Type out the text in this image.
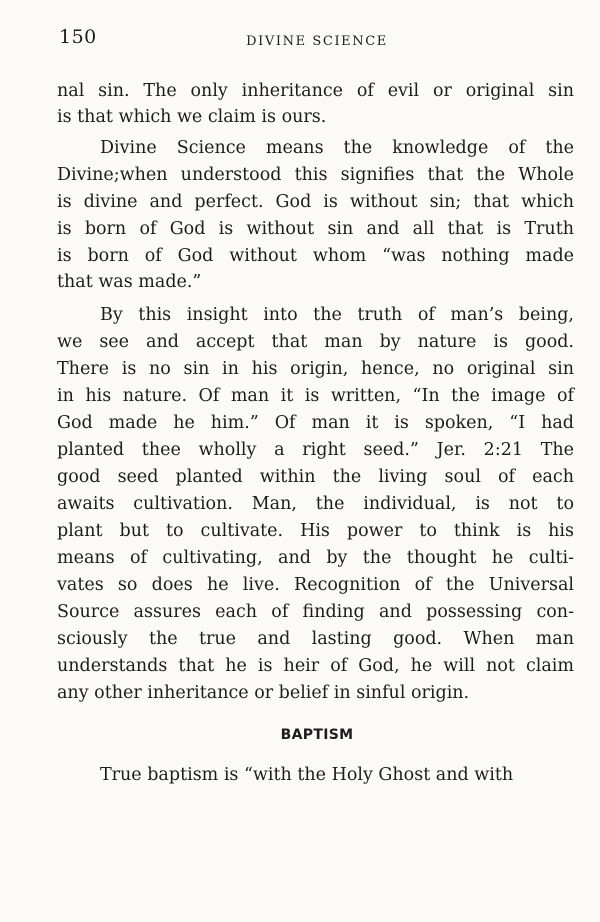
150	DIVINE SCIENCE
nal sin. The only inheritance of evil or original sin
is that which we claim is ours.
Divine Science means the knowledge of the
Divine;when understood this signifies that the Whole
is divine and perfect. God is without sin; that which
is born of God is without sin and all that is Truth
is born of God without whom “was nothing made
that was made.”
By this insight into the truth of man’s being,
we see and accept that man by nature is good.
There is no sin in his origin, hence, no original sin
in his nature. Of man it is written, “In the image of
God made he him.” Of man it is spoken, “I had
planted thee wholly a right seed.” Jer. 2:21 The
good seed planted within the living soul of each
awaits cultivation. Man, the individual, is not to
plant but to cultivate. His power to think is his
means of cultivating, and by the thought he culti-
vates so does he live. Recognition of the Universal
Source assures each of finding and possessing con-
sciously the true and lasting good. When man
understands that he is heir of God, he will not claim
any other inheritance or belief in sinful origin.
BAPTISM
True baptism is “with the Holy Ghost and with
